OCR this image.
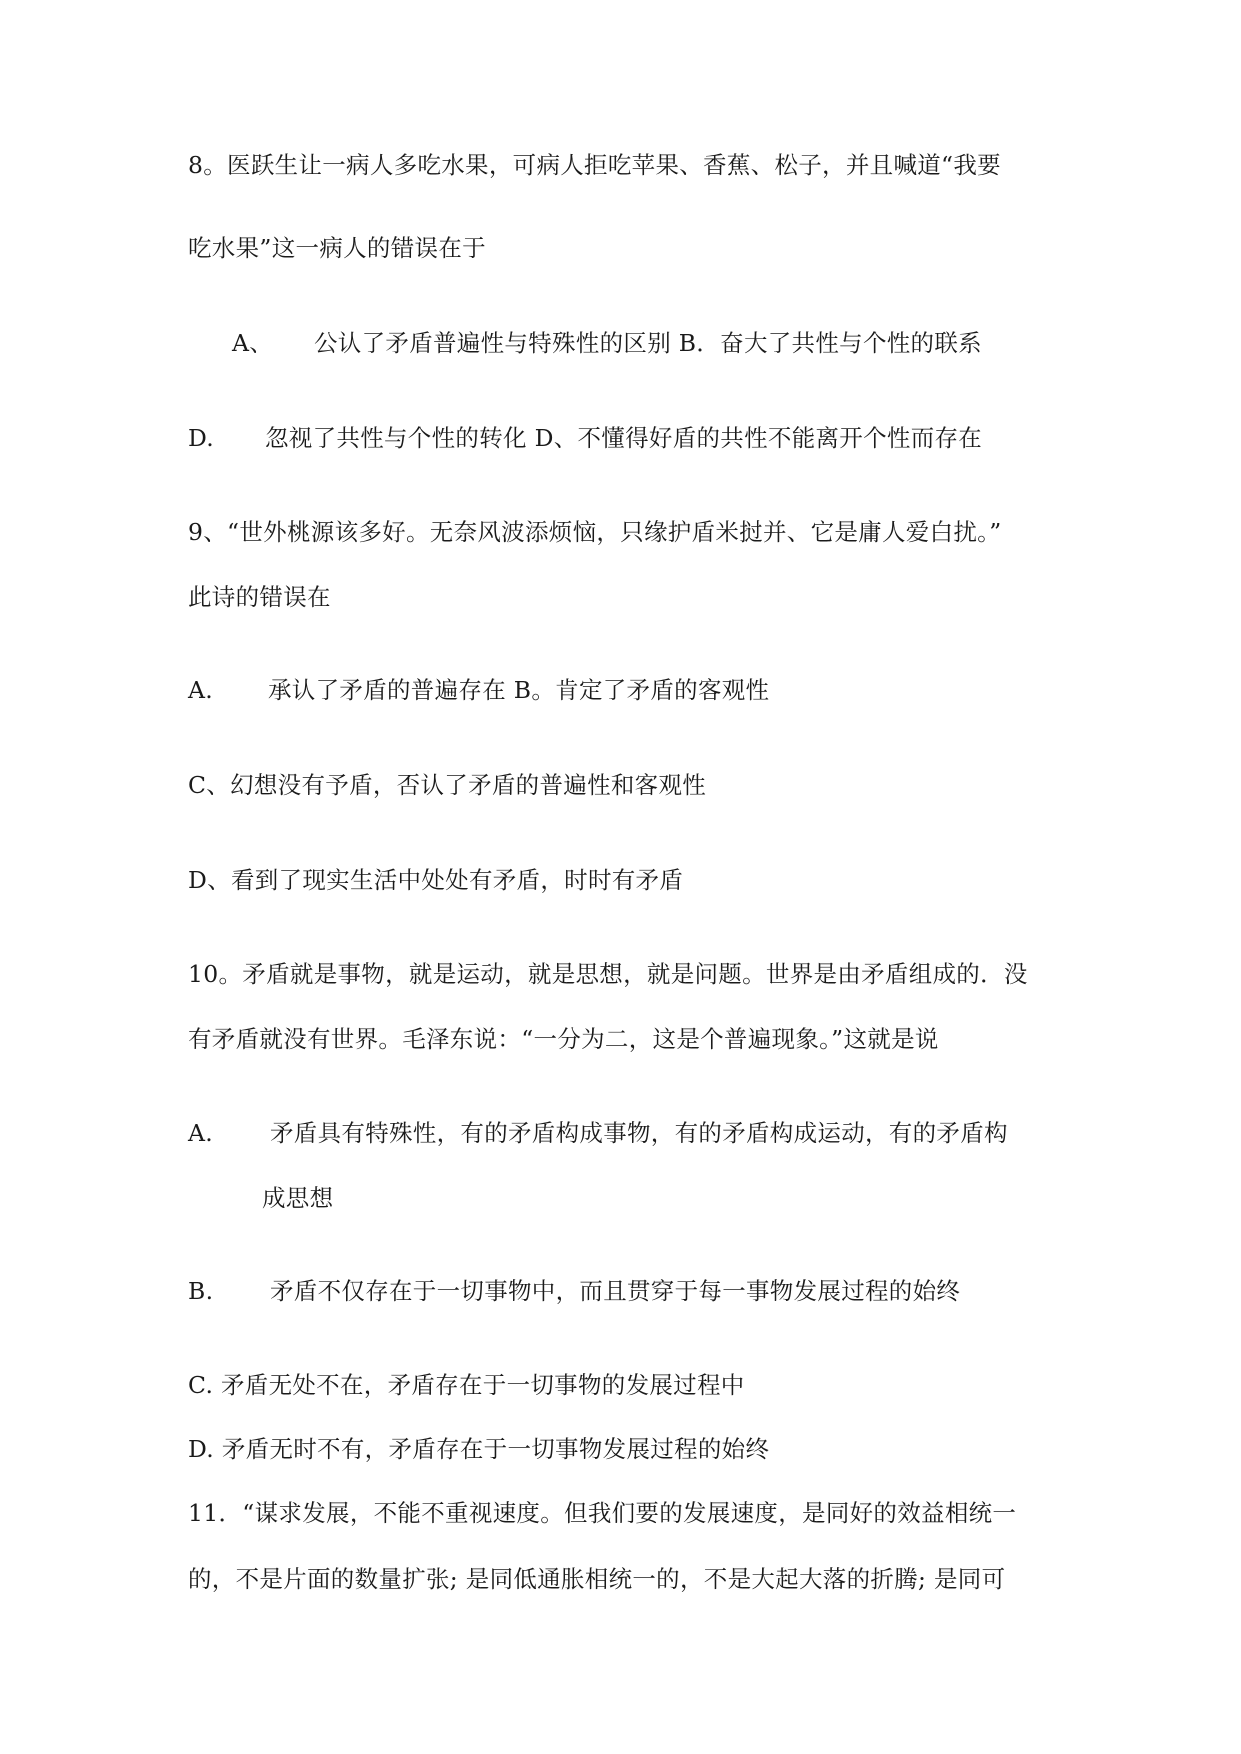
8。医跃生让一病人多吃水果，可病人拒吃苹果、香蕉、松子，并且喊道“我要
吃水果”这一病人的错误在于
A、 公认了矛盾普遍性与特殊性的区别 B．奋大了共性与个性的联系
D. 忽视了共性与个性的转化 D、不懂得好盾的共性不能离开个性而存在
9、“世外桃源该多好。无奈风波添烦恼，只缘护盾米挝并、它是庸人爱白扰。”
此诗的错误在
A. 承认了矛盾的普遍存在 B。肯定了矛盾的客观性
C、幻想没有予盾，否认了矛盾的普遍性和客观性
D、看到了现实生活中处处有矛盾，时时有矛盾
10。矛盾就是事物，就是运动，就是思想，就是问题。世界是由矛盾组成的．没
有矛盾就没有世界。毛泽东说：“一分为二，这是个普遍现象。”这就是说
A. 矛盾具有特殊性，有的矛盾构成事物，有的矛盾构成运动，有的矛盾构
成思想
B. 矛盾不仅存在于一切事物中，而且贯穿于每一事物发展过程的始终
C. 矛盾无处不在，矛盾存在于一切事物的发展过程中
D. 矛盾无时不有，矛盾存在于一切事物发展过程的始终
11．“谋求发展，不能不重视速度。但我们要的发展速度，是同好的效益相统一
的，不是片面的数量扩张; 是同低通胀相统一的，不是大起大落的折腾; 是同可
